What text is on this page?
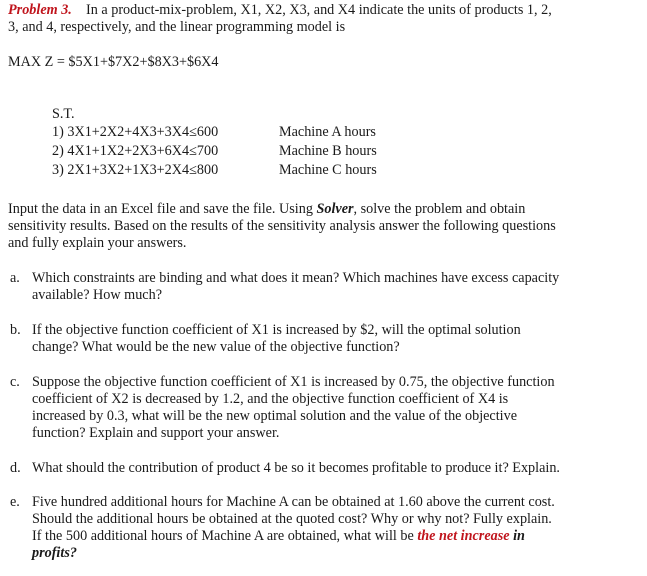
Problem 3. In a product-mix-problem, X1, X2, X3, and X4 indicate the units of products 1, 2,
3, and 4, respectively, and the linear programming model is
MAX Z = $5X1+$7X2+$8X3+$6X4
S.T.
1) 3X1+2X2+4X3+3X4≤600	Machine A hours
2) 4X1+1X2+2X3+6X4≤700	Machine B hours
3) 2X1+3X2+1X3+2X4≤800	Machine C hours
Input the data in an Excel file and save the file. Using Solver, solve the problem and obtain
sensitivity results. Based on the results of the sensitivity analysis answer the following questions
and fully explain your answers.
a. Which constraints are binding and what does it mean? Which machines have excess capacity
available? How much?
b. If the objective function coefficient of X1 is increased by $2, will the optimal solution
change? What would be the new value of the objective function?
c. Suppose the objective function coefficient of X1 is increased by 0.75, the objective function
coefficient of X2 is decreased by 1.2, and the objective function coefficient of X4 is
increased by 0.3, what will be the new optimal solution and the value of the objective
function? Explain and support your answer.
d. What should the contribution of product 4 be so it becomes profitable to produce it? Explain.
e. Five hundred additional hours for Machine A can be obtained at 1.60 above the current cost.
Should the additional hours be obtained at the quoted cost? Why or why not? Fully explain.
If the 500 additional hours of Machine A are obtained, what will be the net increase in
profits?
